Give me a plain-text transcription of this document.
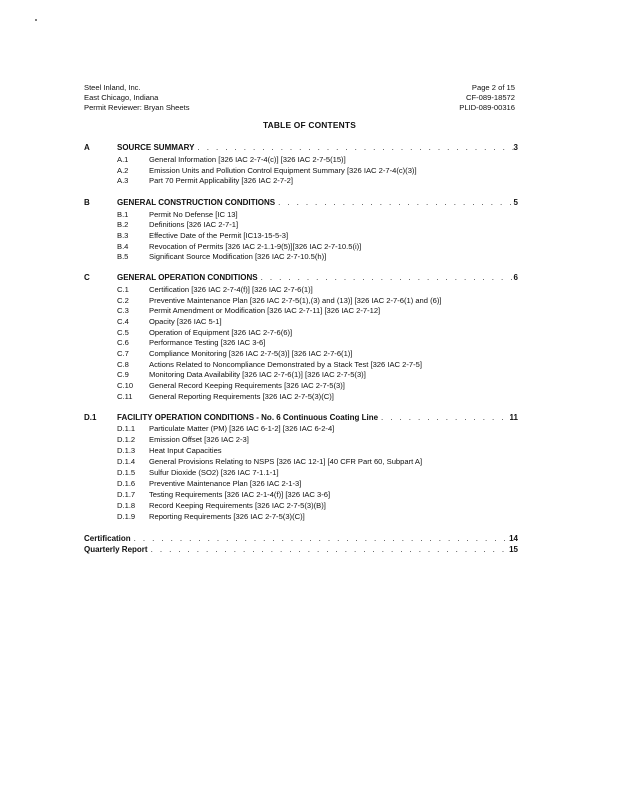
Steel Inland, Inc.
East Chicago, Indiana
Permit Reviewer: Bryan Sheets
Page 2 of 15
CF-089-18572
PLID-089-00316
TABLE OF CONTENTS
A	SOURCE SUMMARY . . .	3
A.1	General Information [326 IAC 2-7-4(c)] [326 IAC 2-7-5(15)]
A.2	Emission Units and Pollution Control Equipment Summary [326 IAC 2-7-4(c)(3)]
A.3	Part 70 Permit Applicability [326 IAC 2-7-2]
B	GENERAL CONSTRUCTION CONDITIONS . . .	5
B.1	Permit No Defense [IC 13]
B.2	Definitions [326 IAC 2-7-1]
B.3	Effective Date of the Permit [IC13-15-5-3]
B.4	Revocation of Permits [326 IAC 2-1.1-9(5)][326 IAC 2-7-10.5(i)]
B.5	Significant Source Modification [326 IAC 2-7-10.5(h)]
C	GENERAL OPERATION CONDITIONS . . .	6
C.1	Certification [326 IAC 2-7-4(f)] [326 IAC 2-7-6(1)]
C.2	Preventive Maintenance Plan [326 IAC 2-7-5(1),(3) and (13)] [326 IAC 2-7-6(1) and (6)]
C.3	Permit Amendment or Modification [326 IAC 2-7-11] [326 IAC 2-7-12]
C.4	Opacity [326 IAC 5-1]
C.5	Operation of Equipment [326 IAC 2-7-6(6)]
C.6	Performance Testing [326 IAC 3-6]
C.7	Compliance Monitoring [326 IAC 2-7-5(3)] [326 IAC 2-7-6(1)]
C.8	Actions Related to Noncompliance Demonstrated by a Stack Test [326 IAC 2-7-5]
C.9	Monitoring Data Availability [326 IAC 2-7-6(1)] [326 IAC 2-7-5(3)]
C.10 General Record Keeping Requirements [326 IAC 2-7-5(3)]
C.11 General Reporting Requirements [326 IAC 2-7-5(3)(C)]
D.1	FACILITY OPERATION CONDITIONS - No. 6 Continuous Coating Line . . .	11
D.1.1 Particulate Matter (PM) [326 IAC 6-1-2] [326 IAC 6-2-4]
D.1.2 Emission Offset [326 IAC 2-3]
D.1.3 Heat Input Capacities
D.1.4 General Provisions Relating to NSPS [326 IAC 12-1] [40 CFR Part 60, Subpart A]
D.1.5 Sulfur Dioxide (SO2) [326 IAC 7-1.1-1]
D.1.6 Preventive Maintenance Plan [326 IAC 2-1-3]
D.1.7 Testing Requirements [326 IAC 2-1-4(f)] [326 IAC 3-6]
D.1.8 Record Keeping Requirements [326 IAC 2-7-5(3)(B)]
D.1.9 Reporting Requirements [326 IAC 2-7-5(3)(C)]
Certification . . .	14
Quarterly Report . . .	15
